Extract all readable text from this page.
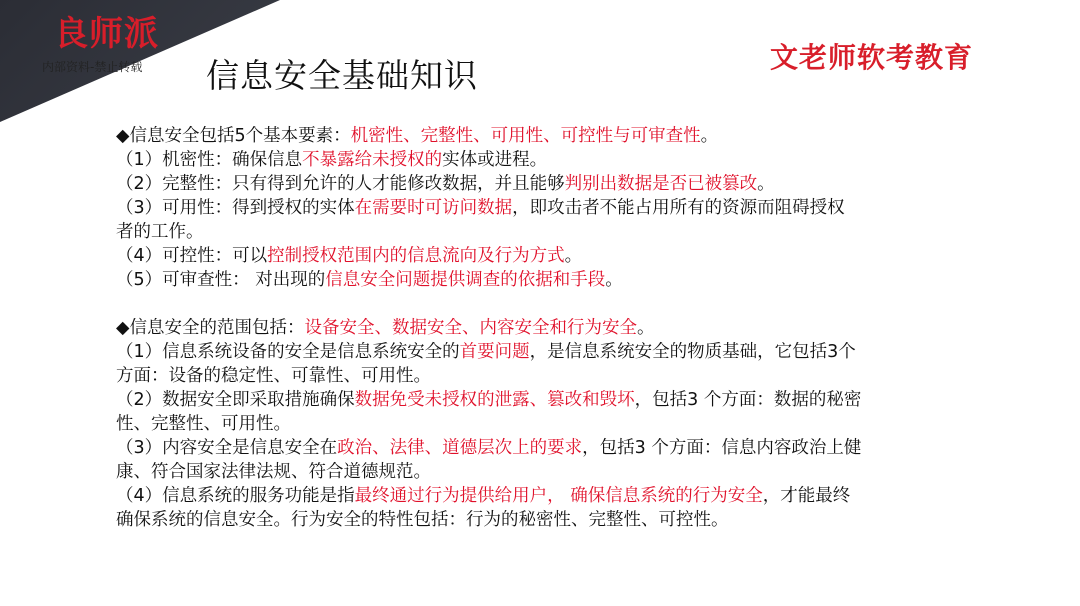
良师派
内部资料-禁止转载 信息安全基础知识	文老师软考教育

◆信息安全包括5个基本要素：机密性、完整性、可用性、可控性与可审查性。

（1）机密性：确保信息不暴露给未授权的实体或进程。

（2）完整性：只有得到允许的人才能修改数据，并且能够判别出数据是否已被篡改。

（3）可用性：得到授权的实体在需要时可访问数据，即攻击者不能占用所有的资源而阻碍授权

者的工作。

（4）可控性：可以控制授权范围内的信息流向及行为方式。

（5）可审查性： 对出现的信息安全问题提供调查的依据和手段。

◆信息安全的范围包括：设备安全、数据安全、内容安全和行为安全。

（1）信息系统设备的安全是信息系统安全的首要问题，是信息系统安全的物质基础，它包括3个

方面：设备的稳定性、可靠性、可用性。

（2）数据安全即采取措施确保数据免受未授权的泄露、篡改和毁坏，包括3 个方面：数据的秘密

性、完整性、可用性。

（3）内容安全是信息安全在政治、法律、道德层次上的要求，包括3 个方面：信息内容政治上健

康、符合国家法律法规、符合道德规范。

（4）信息系统的服务功能是指最终通过行为提供给用户， 确保信息系统的行为安全，才能最终

确保系统的信息安全。行为安全的特性包括：行为的秘密性、完整性、可控性。
